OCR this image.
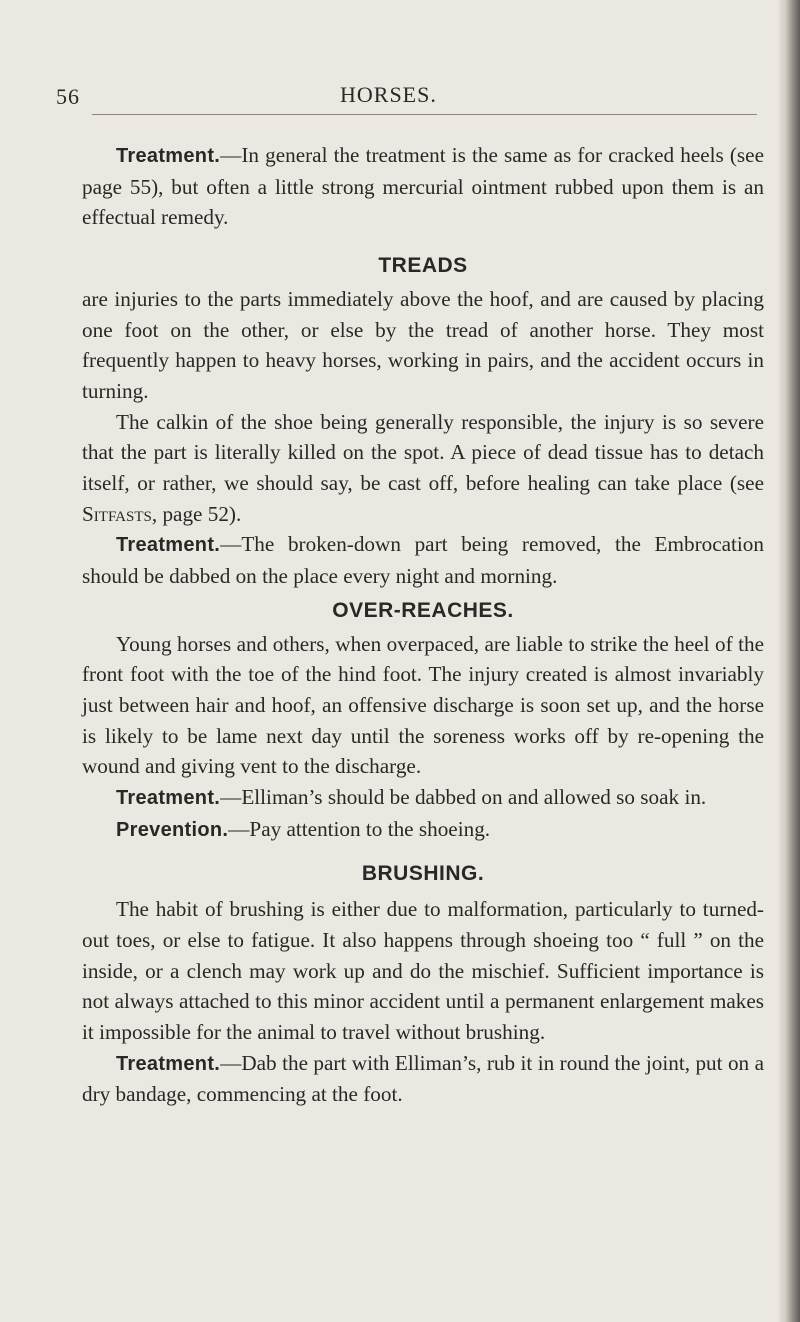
56	HORSES.

Treatment.—In general the treatment is the same as for cracked heels (see page 55), but often a little strong mercurial ointment rubbed upon them is an effectual remedy.

TREADS

are injuries to the parts immediately above the hoof, and are caused by placing one foot on the other, or else by the tread of another horse. They most frequently happen to heavy horses, working in pairs, and the accident occurs in turning.

The calkin of the shoe being generally responsible, the injury is so severe that the part is literally killed on the spot. A piece of dead tissue has to detach itself, or rather, we should say, be cast off, before healing can take place (see Sitfasts, page 52).

Treatment.—The broken-down part being removed, the Embrocation should be dabbed on the place every night and morning.

OVER-REACHES.

Young horses and others, when overpaced, are liable to strike the heel of the front foot with the toe of the hind foot. The injury created is almost invariably just between hair and hoof, an offensive discharge is soon set up, and the horse is likely to be lame next day until the soreness works off by re-opening the wound and giving vent to the discharge.

Treatment.—Elliman’s should be dabbed on and allowed so soak in.

Prevention.—Pay attention to the shoeing.

BRUSHING.

The habit of brushing is either due to malformation, particularly to turned-out toes, or else to fatigue. It also happens through shoeing too “ full ” on the inside, or a clench may work up and do the mischief. Sufficient importance is not always attached to this minor accident until a permanent enlargement makes it impossible for the animal to travel without brushing.

Treatment.—Dab the part with Elliman’s, rub it in round the joint, put on a dry bandage, commencing at the foot.
